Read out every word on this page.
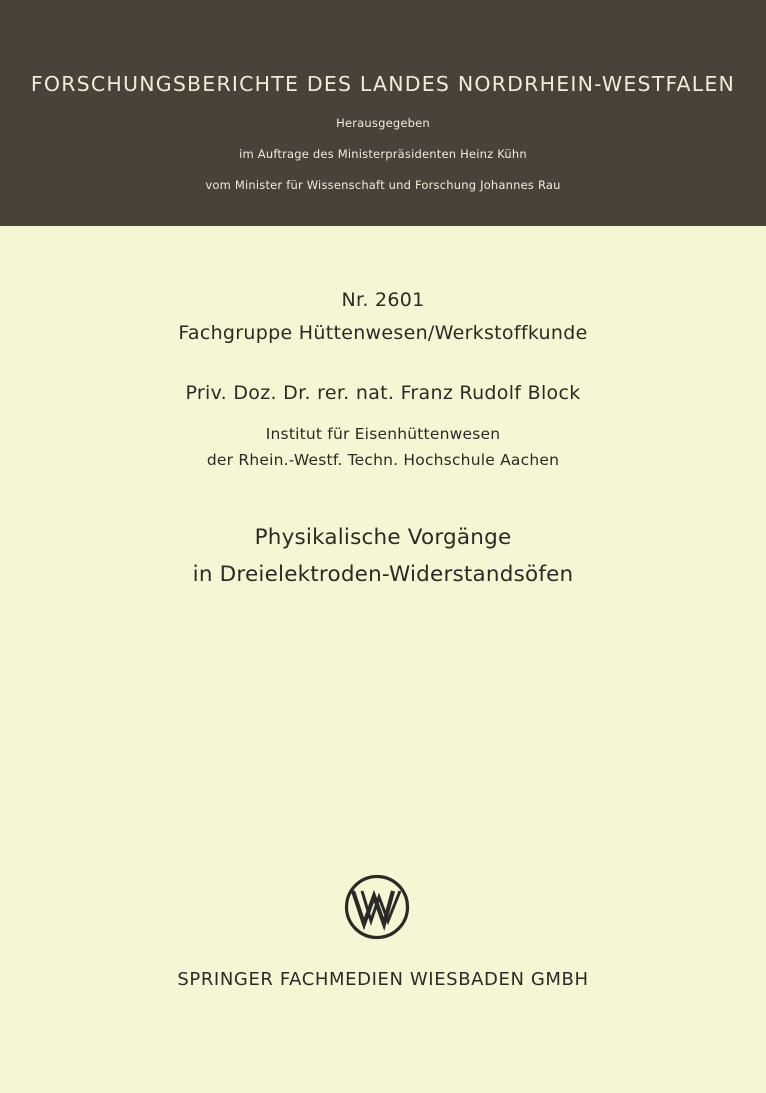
FORSCHUNGSBERICHTE DES LANDES NORDRHEIN-WESTFALEN
Herausgegeben
im Auftrage des Ministerpräsidenten Heinz Kühn
vom Minister für Wissenschaft und Forschung Johannes Rau
Nr. 2601
Fachgruppe Hüttenwesen/Werkstoffkunde
Priv. Doz. Dr. rer. nat. Franz Rudolf Block
Institut für Eisenhüttenwesen
der Rhein.-Westf. Techn. Hochschule Aachen
Physikalische Vorgänge
in Dreielektroden-Widerstandsöfen
SPRINGER FACHMEDIEN WIESBADEN GMBH
